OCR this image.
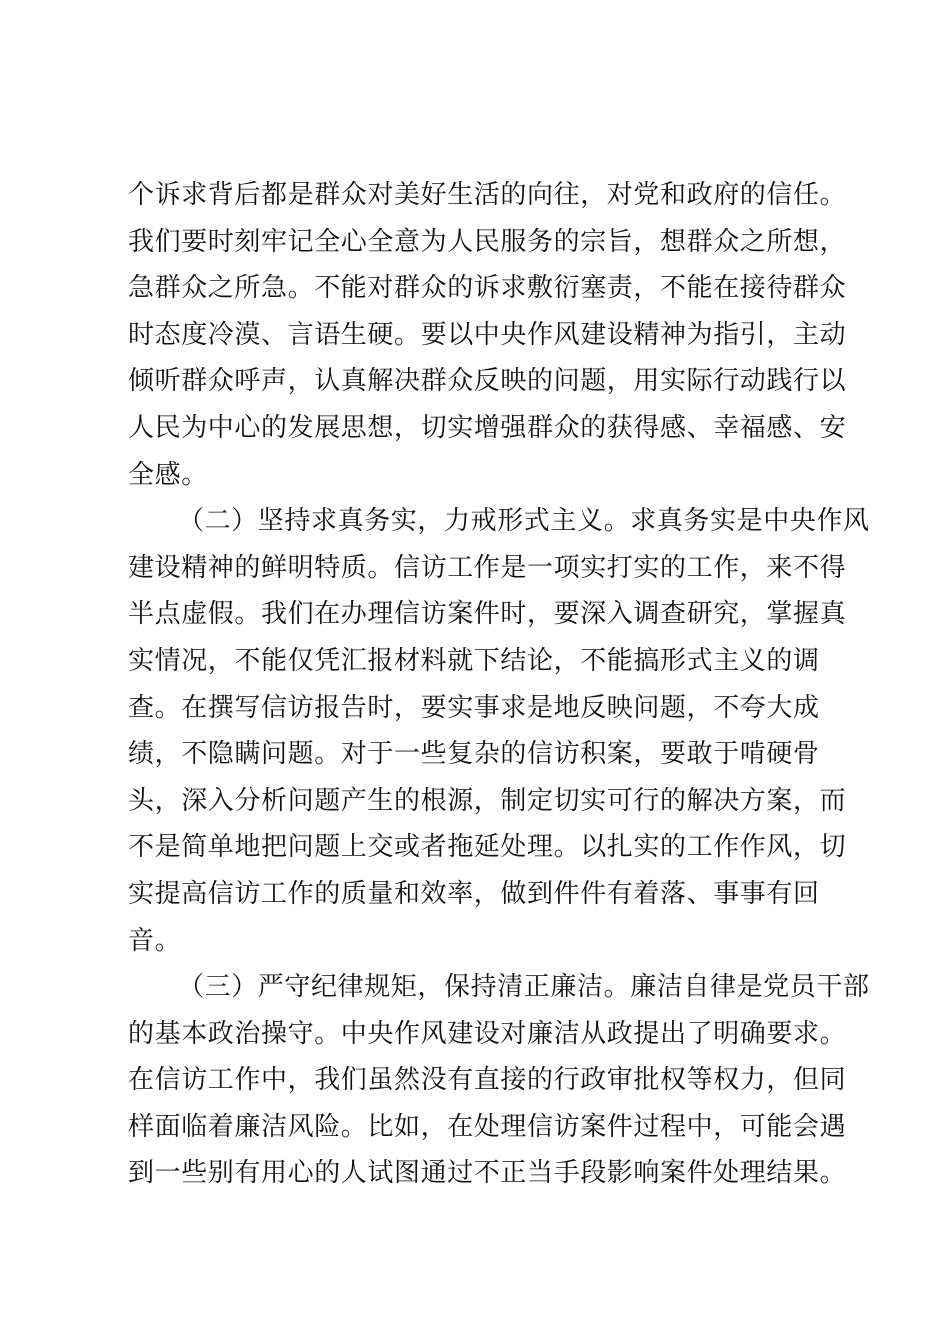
个诉求背后都是群众对美好生活的向往，对党和政府的信任。
我们要时刻牢记全心全意为人民服务的宗旨，想群众之所想，
急群众之所急。不能对群众的诉求敷衍塞责，不能在接待群众
时态度冷漠、言语生硬。要以中央作风建设精神为指引，主动
倾听群众呼声，认真解决群众反映的问题，用实际行动践行以
人民为中心的发展思想，切实增强群众的获得感、幸福感、安
全感。
（二）坚持求真务实，力戒形式主义。求真务实是中央作风
建设精神的鲜明特质。信访工作是一项实打实的工作，来不得
半点虚假。我们在办理信访案件时，要深入调查研究，掌握真
实情况，不能仅凭汇报材料就下结论，不能搞形式主义的调
查。在撰写信访报告时，要实事求是地反映问题，不夸大成
绩，不隐瞒问题。对于一些复杂的信访积案，要敢于啃硬骨
头，深入分析问题产生的根源，制定切实可行的解决方案，而
不是简单地把问题上交或者拖延处理。以扎实的工作作风，切
实提高信访工作的质量和效率，做到件件有着落、事事有回
音。
（三）严守纪律规矩，保持清正廉洁。廉洁自律是党员干部
的基本政治操守。中央作风建设对廉洁从政提出了明确要求。
在信访工作中，我们虽然没有直接的行政审批权等权力，但同
样面临着廉洁风险。比如，在处理信访案件过程中，可能会遇
到一些别有用心的人试图通过不正当手段影响案件处理结果。
